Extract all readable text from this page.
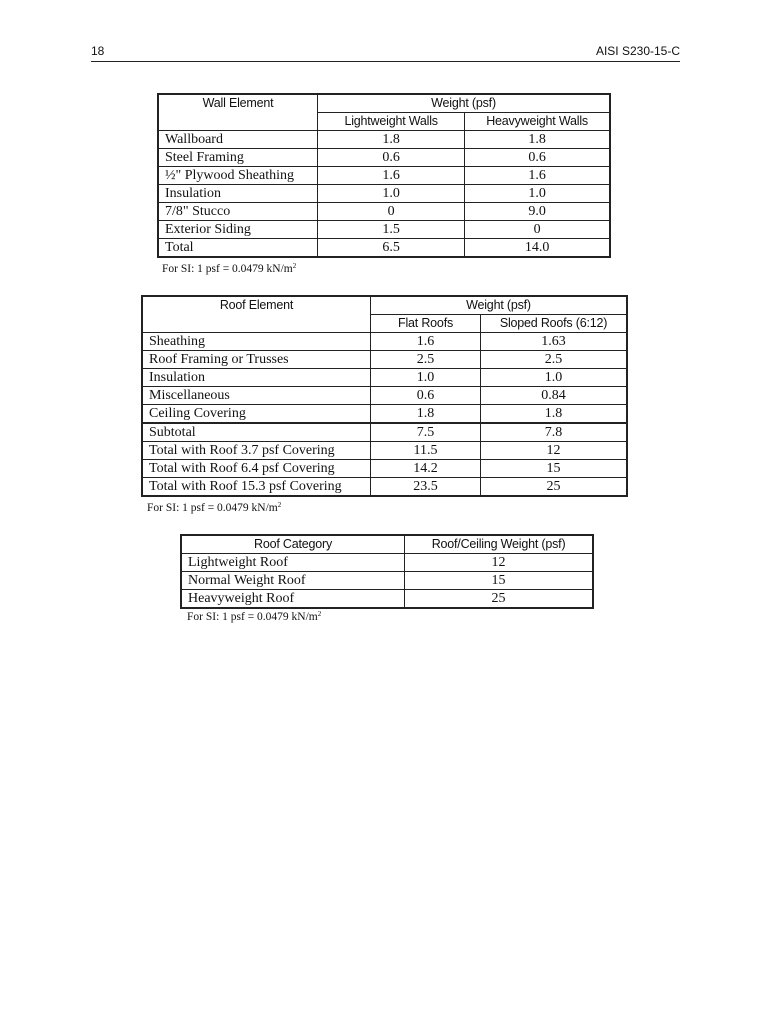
18	AISI S230-15-C
Wall Element	Weight (psf)	
	Lightweight Walls	Heavyweight Walls
Wallboard	1.8	1.8
Steel Framing	0.6	0.6
½" Plywood Sheathing	1.6	1.6
Insulation	1.0	1.0
7/8" Stucco	0	9.0
Exterior Siding	1.5	0
Total	6.5	14.0
For SI: 1 psf = 0.0479 $kN/m^2$
Roof Element	Weight (psf)	
	Flat Roofs	Sloped Roofs (6:12)
Sheathing	1.6	1.63
Roof Framing or Trusses	2.5	2.5
Insulation	1.0	1.0
Miscellaneous	0.6	0.84
Ceiling Covering	1.8	1.8
Subtotal	7.5	7.8
Total with Roof 3.7 psf Covering	11.5	12
Total with Roof 6.4 psf Covering	14.2	15
Total with Roof 15.3 psf Covering	23.5	25
For SI: 1 psf = 0.0479 $kN/m^2$
Roof Category	Roof/Ceiling Weight (psf)
Lightweight Roof	12
Normal Weight Roof	15
Heavyweight Roof	25
For SI: 1 psf = 0.0479 $kN/m^2$
